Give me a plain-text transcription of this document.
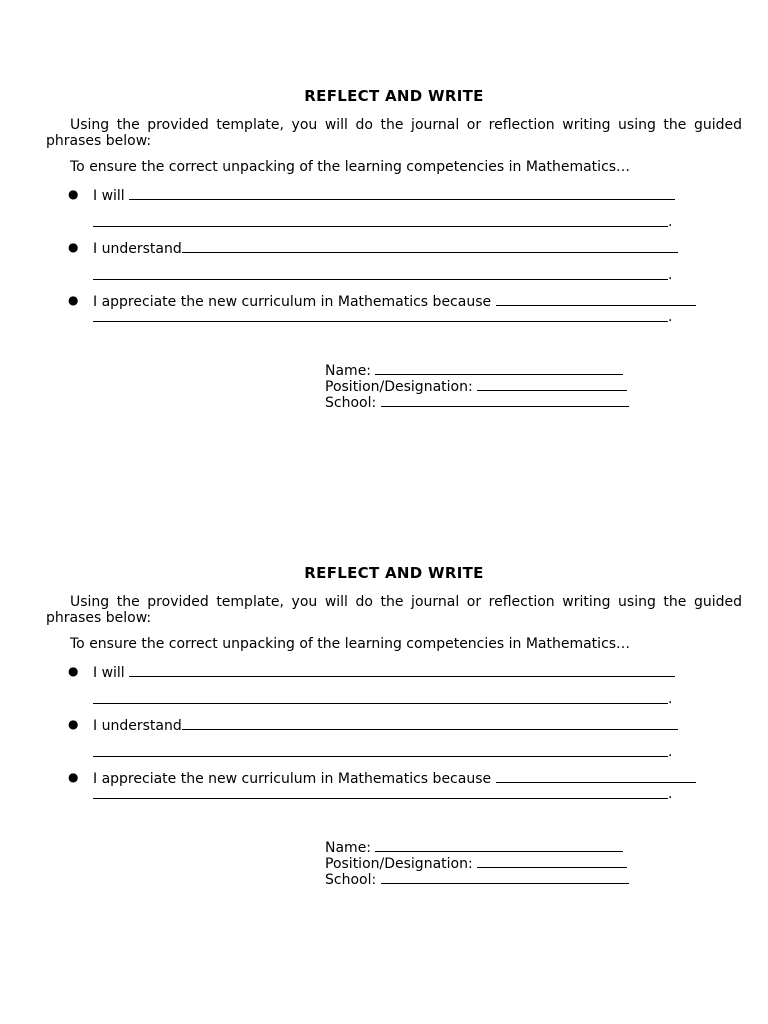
REFLECT AND WRITE
Using the provided template, you will do the journal or reflection writing using the guided phrases below:
To ensure the correct unpacking of the learning competencies in Mathematics…
● I will
.
● I understand
.
● I appreciate the new curriculum in Mathematics because
.
Name:
Position/Designation:
School:
REFLECT AND WRITE
Using the provided template, you will do the journal or reflection writing using the guided phrases below:
To ensure the correct unpacking of the learning competencies in Mathematics…
● I will
.
● I understand
.
● I appreciate the new curriculum in Mathematics because
.
Name:
Position/Designation:
School:
